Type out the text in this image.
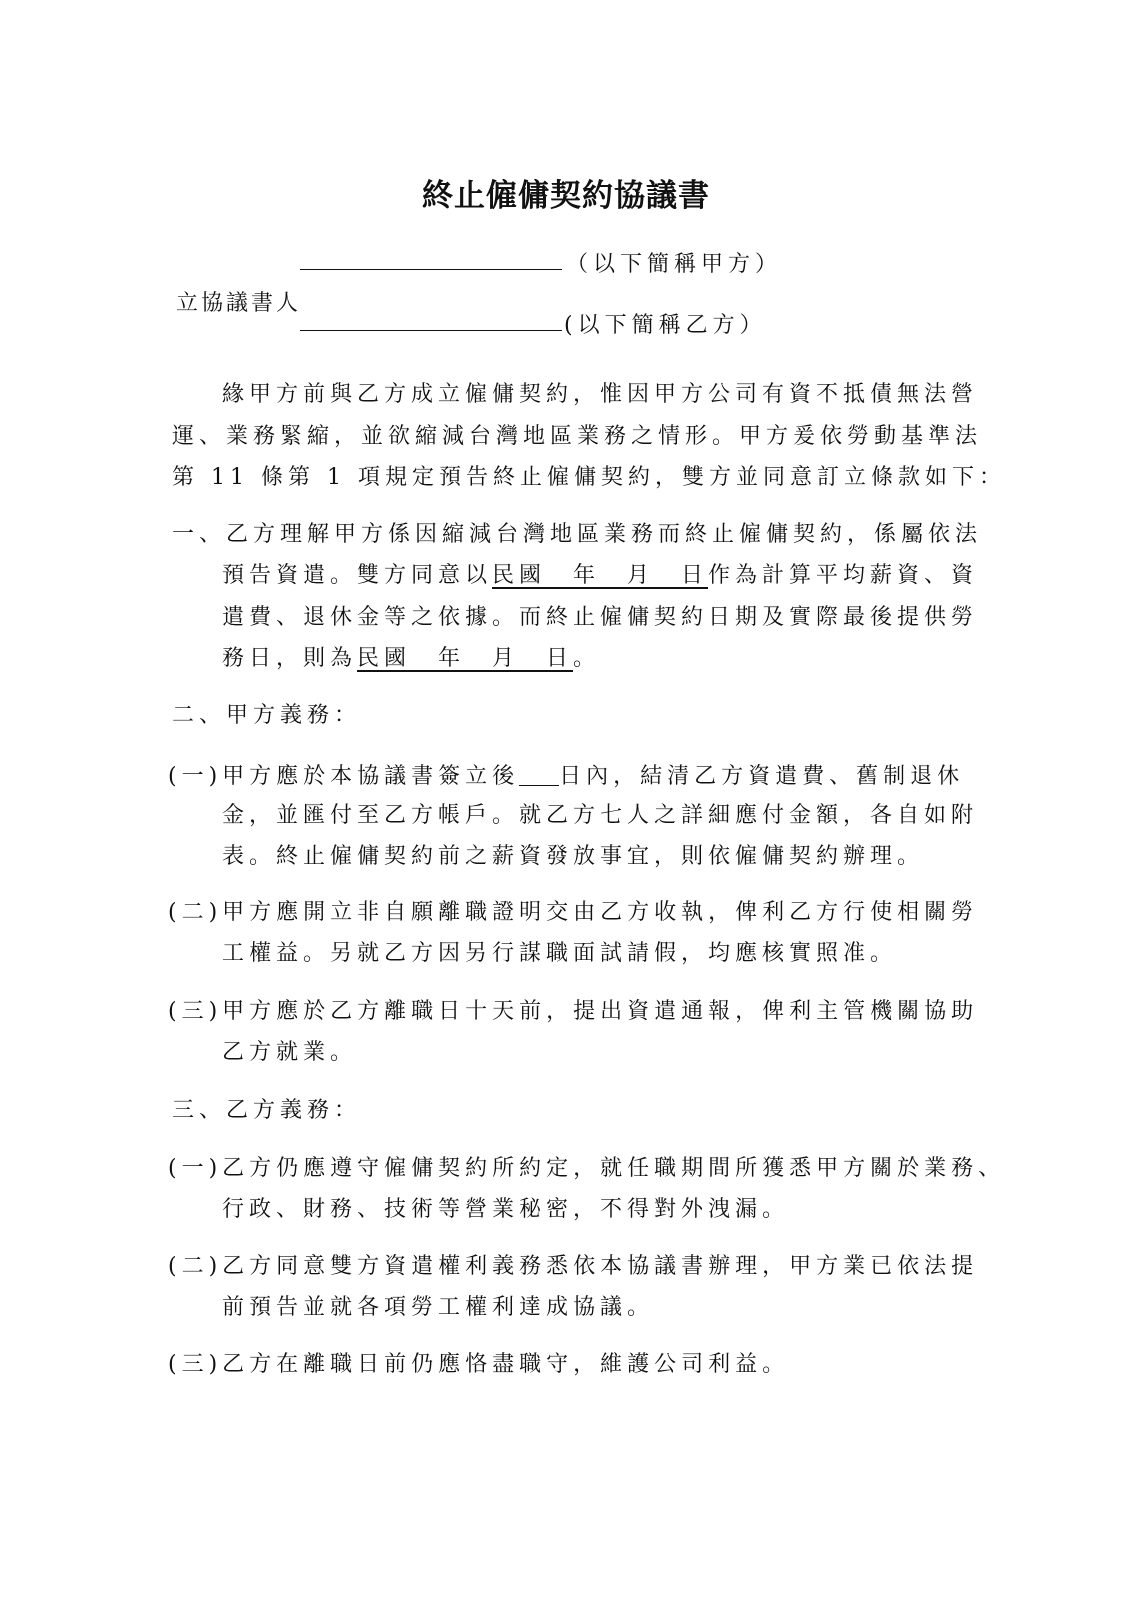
終止僱傭契約協議書
（以下簡稱甲方）
立協議書人
(以下簡稱乙方）
緣甲方前與乙方成立僱傭契約，惟因甲方公司有資不抵債無法營
運、業務緊縮，並欲縮減台灣地區業務之情形。甲方爰依勞動基準法
第 11 條第 1 項規定預告終止僱傭契約，雙方並同意訂立條款如下：
一、乙方理解甲方係因縮減台灣地區業務而終止僱傭契約，係屬依法
預告資遣。雙方同意以民國　年　月　日作為計算平均薪資、資
遣費、退休金等之依據。而終止僱傭契約日期及實際最後提供勞
務日，則為民國　年　月　日。
二、甲方義務：
(一)甲方應於本協議書簽立後 日內，結清乙方資遣費、舊制退休
金，並匯付至乙方帳戶。就乙方七人之詳細應付金額，各自如附
表。終止僱傭契約前之薪資發放事宜，則依僱傭契約辦理。
(二)甲方應開立非自願離職證明交由乙方收執，俾利乙方行使相關勞
工權益。另就乙方因另行謀職面試請假，均應核實照准。
(三)甲方應於乙方離職日十天前，提出資遣通報，俾利主管機關協助
乙方就業。
三、乙方義務：
(一)乙方仍應遵守僱傭契約所約定，就任職期間所獲悉甲方關於業務、
行政、財務、技術等營業秘密，不得對外洩漏。
(二)乙方同意雙方資遣權利義務悉依本協議書辦理，甲方業已依法提
前預告並就各項勞工權利達成協議。
(三)乙方在離職日前仍應恪盡職守，維護公司利益。
